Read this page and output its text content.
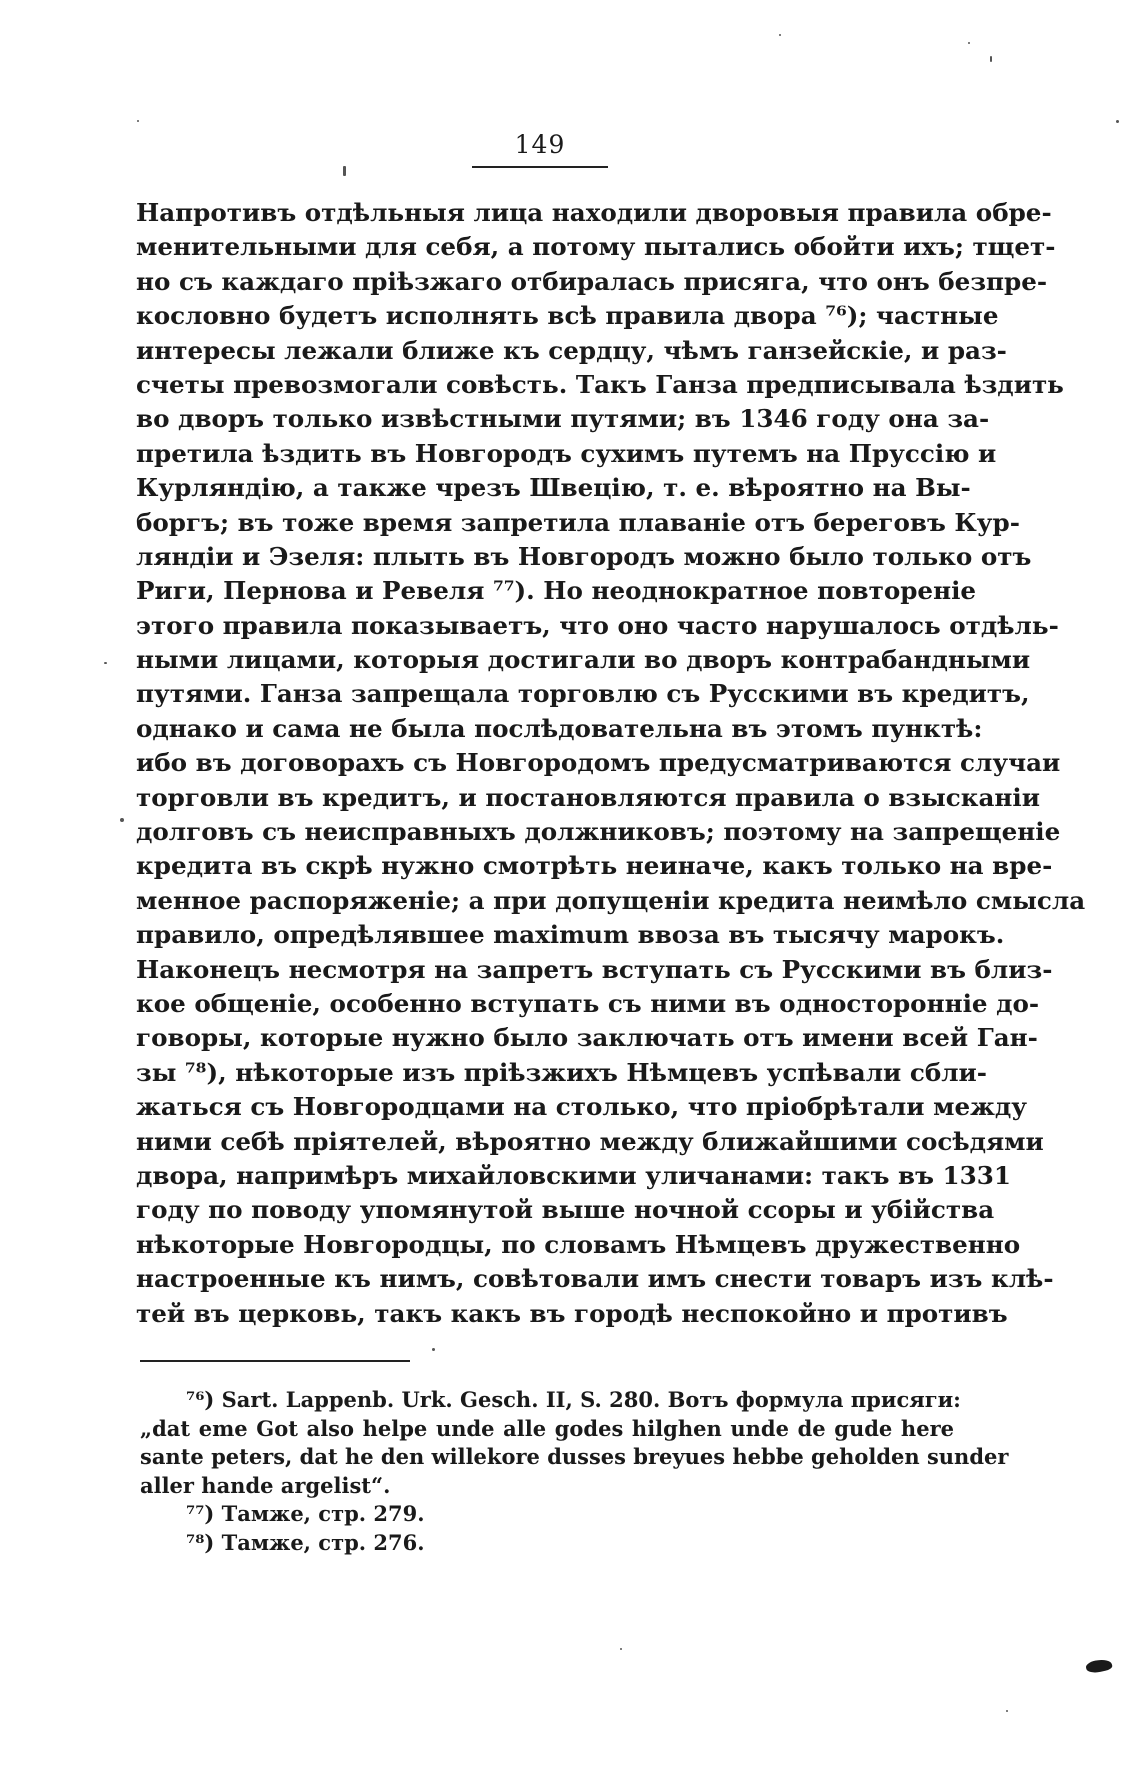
149
Напротивъ отдѣльныя лица находили дворовыя правила обре-
менительными для себя, а потому пытались обойти ихъ; тщет-
но съ каждаго пріѣзжаго отбиралась присяга, что онъ безпре-
кословно будетъ исполнять всѣ правила двора ⁷⁶); частные
интересы лежали ближе къ сердцу, чѣмъ ганзейскіе, и раз-
счеты превозмогали совѣсть. Такъ Ганза предписывала ѣздить
во дворъ только извѣстными путями; въ 1346 году она за-
претила ѣздить въ Новгородъ сухимъ путемъ на Пруссію и
Курляндію, а также чрезъ Швецію, т. е. вѣроятно на Вы-
боргъ; въ тоже время запретила плаваніе отъ береговъ Кур-
ляндіи и Эзеля: плыть въ Новгородъ можно было только отъ
Риги, Пернова и Ревеля ⁷⁷). Но неоднократное повтореніе
этого правила показываетъ, что оно часто нарушалось отдѣль-
ными лицами, которыя достигали во дворъ контрабандными
путями. Ганза запрещала торговлю съ Русскими въ кредитъ,
однако и сама не была послѣдовательна въ этомъ пунктѣ:
ибо въ договорахъ съ Новгородомъ предусматриваются случаи
торговли въ кредитъ, и постановляются правила о взысканіи
долговъ съ неисправныхъ должниковъ; поэтому на запрещеніе
кредита въ скрѣ нужно смотрѣть неиначе, какъ только на вре-
менное распоряженіе; а при допущеніи кредита неимѣло смысла
правило, опредѣлявшее maximum ввоза въ тысячу марокъ.
Наконецъ несмотря на запретъ вступать съ Русскими въ близ-
кое общеніе, особенно вступать съ ними въ односторонніе до-
говоры, которые нужно было заключать отъ имени всей Ган-
зы ⁷⁸), нѣкоторые изъ пріѣзжихъ Нѣмцевъ успѣвали сбли-
жаться съ Новгородцами на столько, что пріобрѣтали между
ними себѣ пріятелей, вѣроятно между ближайшими сосѣдями
двора, напримѣръ михайловскими уличанами: такъ въ 1331
году по поводу упомянутой выше ночной ссоры и убійства
нѣкоторые Новгородцы, по словамъ Нѣмцевъ дружественно
настроенные къ нимъ, совѣтовали имъ снести товаръ изъ клѣ-
тей въ церковь, такъ какъ въ городѣ неспокойно и противъ
⁷⁶) Sart. Lappenb. Urk. Gesch. II, S. 280. Вотъ формула присяги:
„dat eme Got also helpe unde alle godes hilghen unde de gude here
sante peters, dat he den willekore dusses breyues hebbe geholden sunder
aller hande argelist“.
⁷⁷) Тамже, стр. 279.
⁷⁸) Тамже, стр. 276.
